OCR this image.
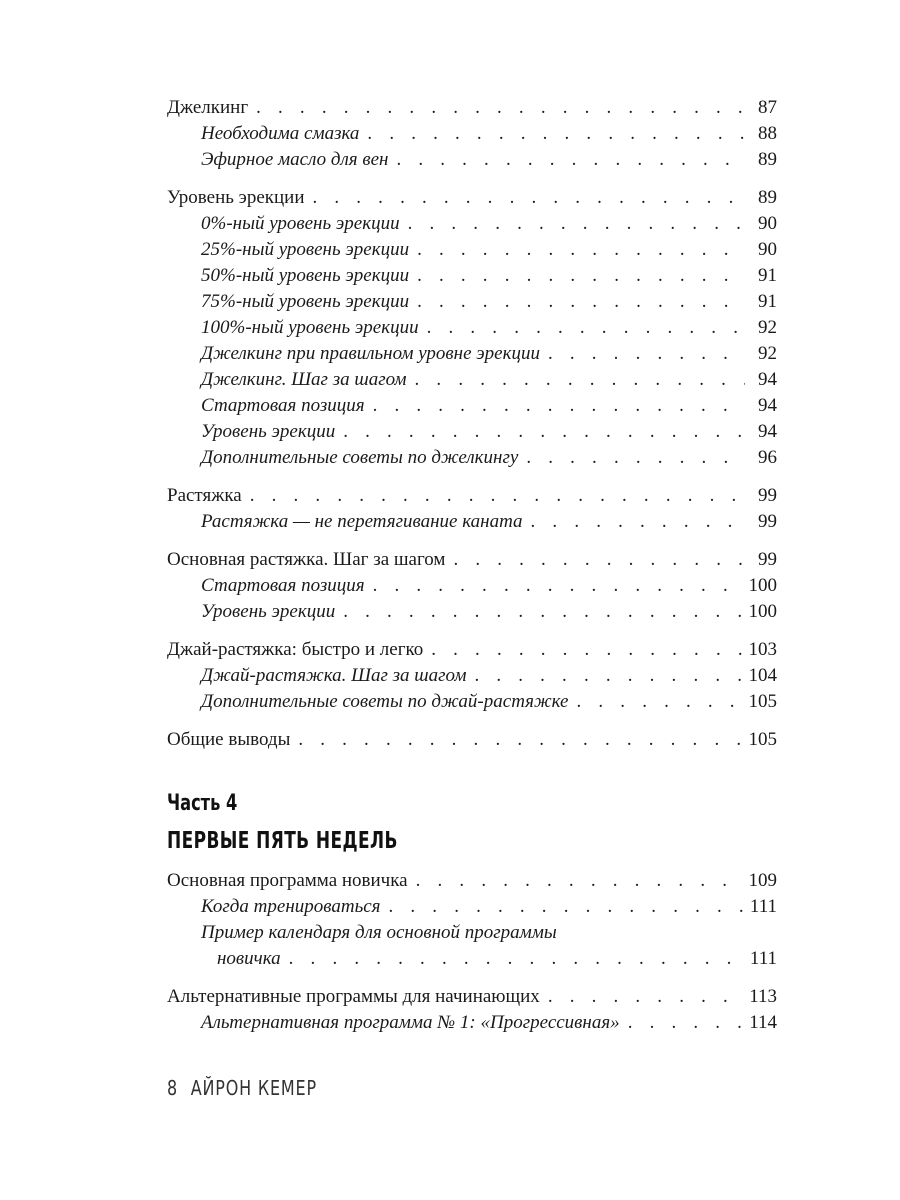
Джелкинг . . .	87
Необходима смазка . . .	88
Эфирное масло для вен . . .	89
Уровень эрекции . . .	89
0%-ный уровень эрекции . . .	90
25%-ный уровень эрекции . . .	90
50%-ный уровень эрекции . . .	91
75%-ный уровень эрекции . . .	91
100%-ный уровень эрекции . . .	92
Джелкинг при правильном уровне эрекции . . .	92
Джелкинг. Шаг за шагом . . .	94
Стартовая позиция . . .	94
Уровень эрекции . . .	94
Дополнительные советы по джелкингу . . .	96
Растяжка . . .	99
Растяжка — не перетягивание каната . . .	99
Основная растяжка. Шаг за шагом . . .	99
Стартовая позиция . . .	100
Уровень эрекции . . .	100
Джай-растяжка: быстро и легко . . .	103
Джай-растяжка. Шаг за шагом . . .	104
Дополнительные советы по джай-растяжке . . .	105
Общие выводы . . .	105
Часть 4
ПЕРВЫЕ ПЯТЬ НЕДЕЛЬ
Основная программа новичка . . .	109
Когда тренироваться . . .	111
Пример календаря для основной программы
новичка . . .	111
Альтернативные программы для начинающих . . .	113
Альтернативная программа № 1: «Прогрессивная» . . .	114
8 АЙРОН КЕМЕР
